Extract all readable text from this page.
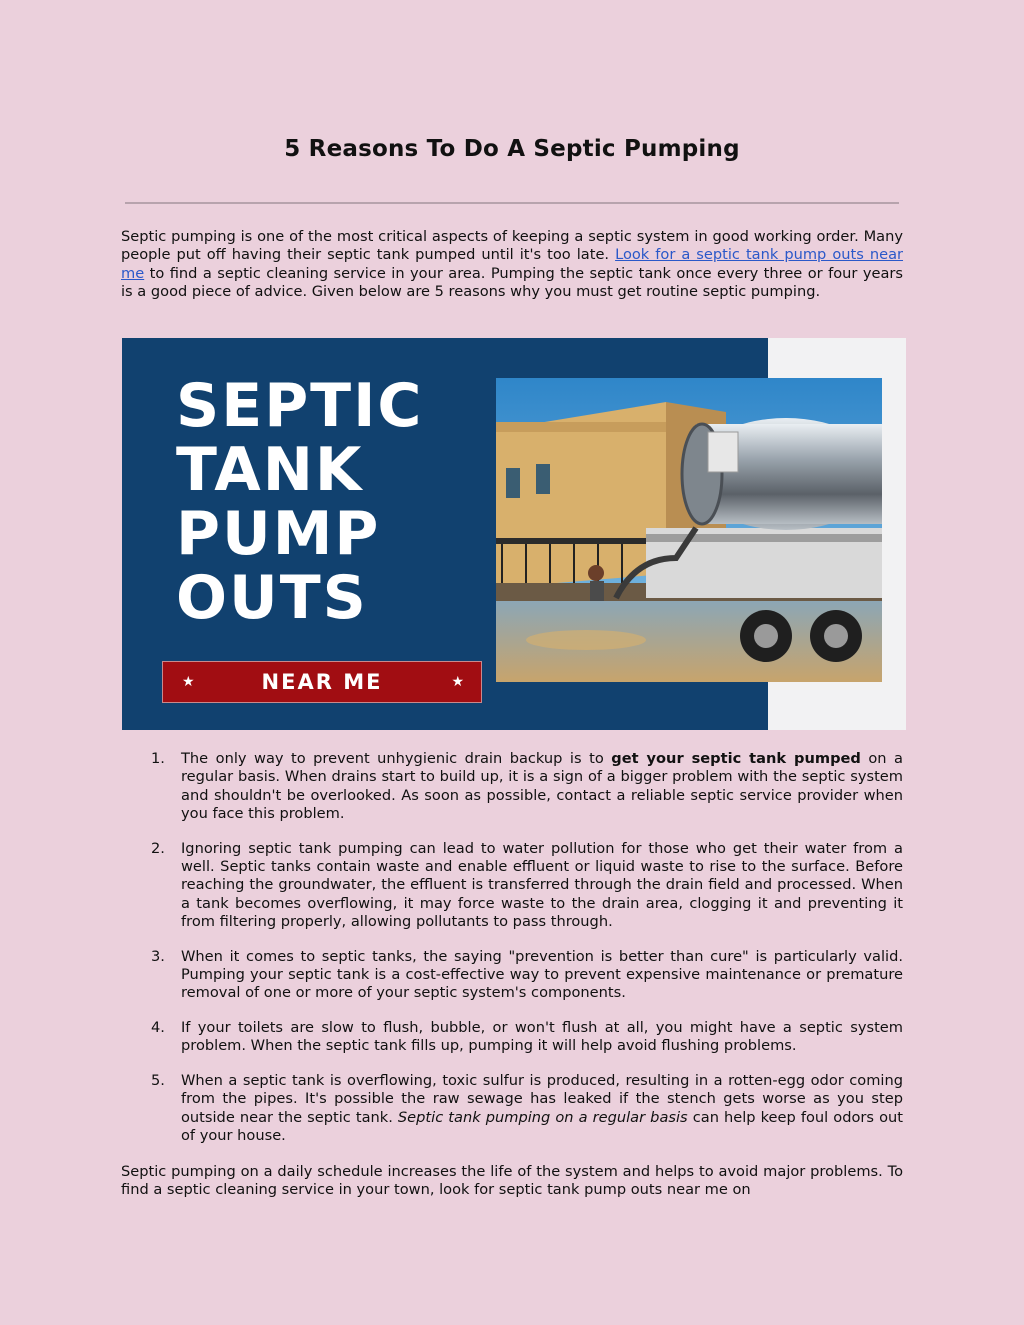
5 Reasons To Do A Septic Pumping

Septic pumping is one of the most critical aspects of keeping a septic system in good working order. Many people put off having their septic tank pumped until it's too late. Look for a septic tank pump outs near me to find a septic cleaning service in your area. Pumping the septic tank once every three or four years is a good piece of advice. Given below are 5 reasons why you must get routine septic pumping.

SEPTIC
TANK
PUMP
OUTS
★	NEAR ME	★
1. The only way to prevent unhygienic drain backup is to get your septic tank pumped on a regular basis. When drains start to build up, it is a sign of a bigger problem with the septic system and shouldn't be overlooked. As soon as possible, contact a reliable septic service provider when you face this problem.
2. Ignoring septic tank pumping can lead to water pollution for those who get their water from a well. Septic tanks contain waste and enable effluent or liquid waste to rise to the surface. Before reaching the groundwater, the effluent is transferred through the drain field and processed. When a tank becomes overflowing, it may force waste to the drain area, clogging it and preventing it from filtering properly, allowing pollutants to pass through.
3. When it comes to septic tanks, the saying "prevention is better than cure" is particularly valid. Pumping your septic tank is a cost-effective way to prevent expensive maintenance or premature removal of one or more of your septic system's components.
4. If your toilets are slow to flush, bubble, or won't flush at all, you might have a septic system problem. When the septic tank fills up, pumping it will help avoid flushing problems.
5. When a septic tank is overflowing, toxic sulfur is produced, resulting in a rotten-egg odor coming from the pipes. It's possible the raw sewage has leaked if the stench gets worse as you step outside near the septic tank. Septic tank pumping on a regular basis can help keep foul odors out of your house.

Septic pumping on a daily schedule increases the life of the system and helps to avoid major problems. To find a septic cleaning service in your town, look for septic tank pump outs near me on
